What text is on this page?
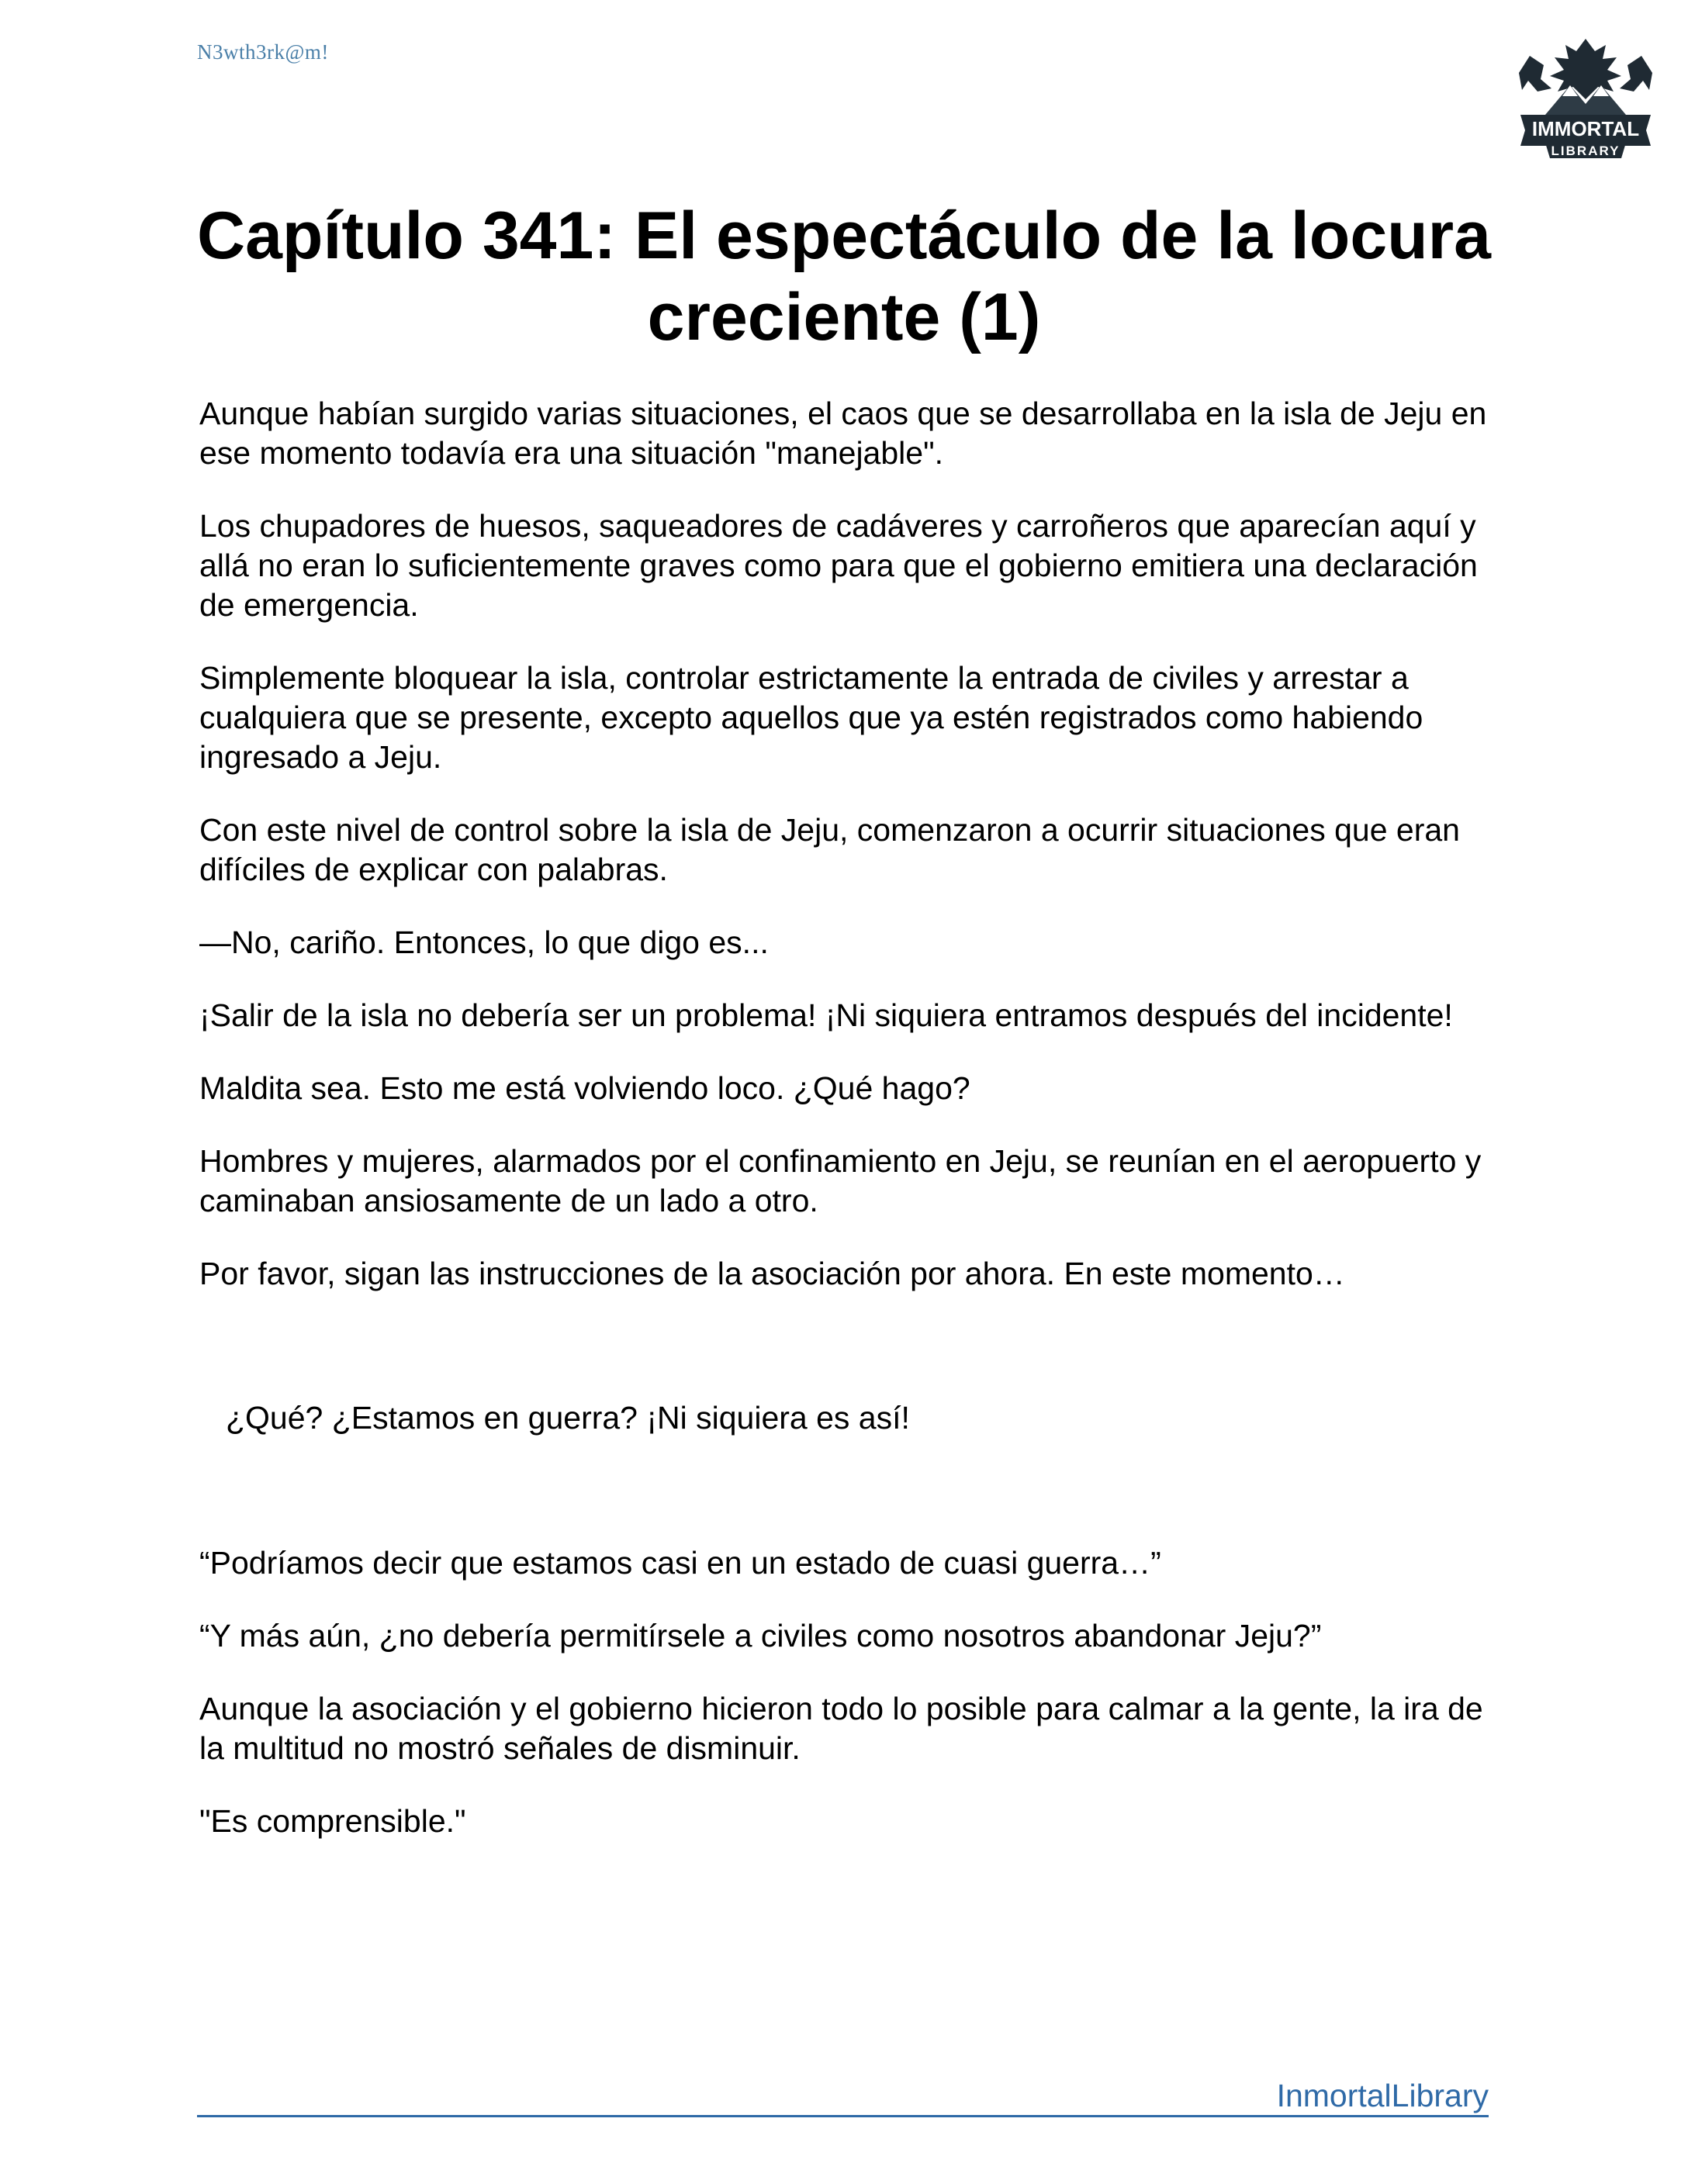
N3wth3rk@m!
IMMORTAL
LIBRARY
Capítulo 341: El espectáculo de la locura creciente (1)

Aunque habían surgido varias situaciones, el caos que se desarrollaba en la isla de Jeju en ese momento todavía era una situación "manejable".

Los chupadores de huesos, saqueadores de cadáveres y carroñeros que aparecían aquí y allá no eran lo suficientemente graves como para que el gobierno emitiera una declaración de emergencia.

Simplemente bloquear la isla, controlar estrictamente la entrada de civiles y arrestar a cualquiera que se presente, excepto aquellos que ya estén registrados como habiendo ingresado a Jeju.

Con este nivel de control sobre la isla de Jeju, comenzaron a ocurrir situaciones que eran difíciles de explicar con palabras.

—No, cariño. Entonces, lo que digo es...

¡Salir de la isla no debería ser un problema! ¡Ni siquiera entramos después del incidente!

Maldita sea. Esto me está volviendo loco. ¿Qué hago?

Hombres y mujeres, alarmados por el confinamiento en Jeju, se reunían en el aeropuerto y caminaban ansiosamente de un lado a otro.

Por favor, sigan las instrucciones de la asociación por ahora. En este momento…

¿Qué? ¿Estamos en guerra? ¡Ni siquiera es así!

“Podríamos decir que estamos casi en un estado de cuasi guerra…”

“Y más aún, ¿no debería permitírsele a civiles como nosotros abandonar Jeju?”

Aunque la asociación y el gobierno hicieron todo lo posible para calmar a la gente, la ira de la multitud no mostró señales de disminuir.

"Es comprensible."

InmortalLibrary
